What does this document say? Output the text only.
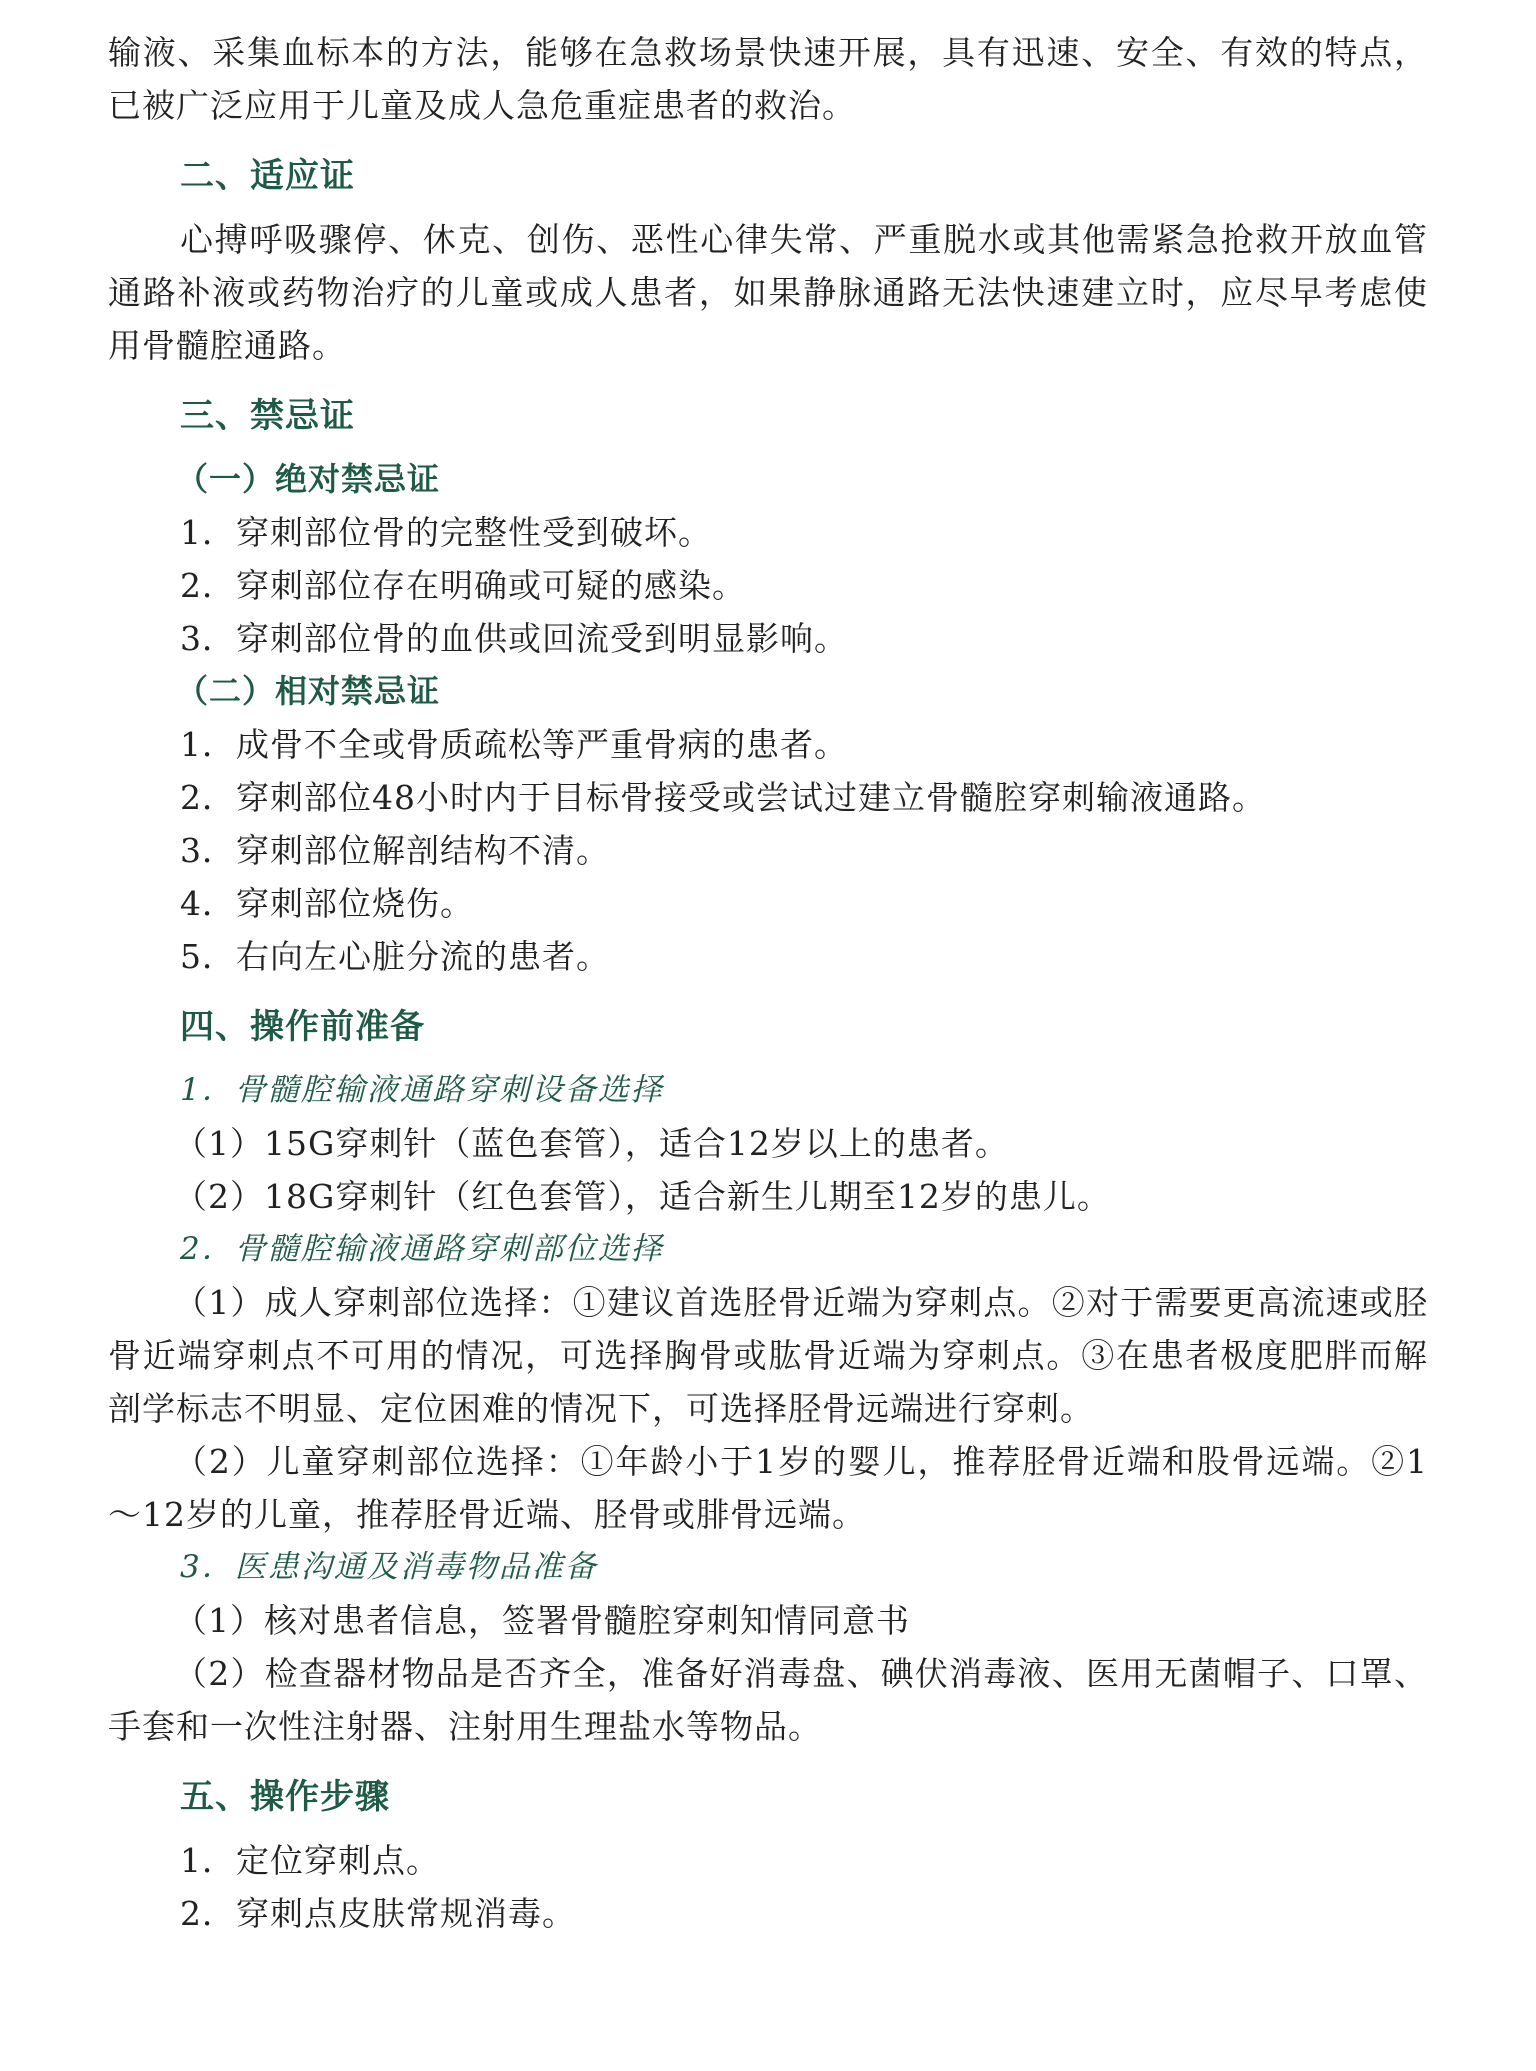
输液、采集血标本的方法，能够在急救场景快速开展，具有迅速、安全、有效的特点，已被广泛应用于儿童及成人急危重症患者的救治。

二、适应证

心搏呼吸骤停、休克、创伤、恶性心律失常、严重脱水或其他需紧急抢救开放血管通路补液或药物治疗的儿童或成人患者，如果静脉通路无法快速建立时，应尽早考虑使用骨髓腔通路。

三、禁忌证
（一）绝对禁忌证

1．穿刺部位骨的完整性受到破坏。

2．穿刺部位存在明确或可疑的感染。

3．穿刺部位骨的血供或回流受到明显影响。

（二）相对禁忌证

1．成骨不全或骨质疏松等严重骨病的患者。

2．穿刺部位48小时内于目标骨接受或尝试过建立骨髓腔穿刺输液通路。

3．穿刺部位解剖结构不清。

4．穿刺部位烧伤。

5．右向左心脏分流的患者。

四、操作前准备
1．骨髓腔输液通路穿刺设备选择

（1）15G穿刺针（蓝色套管），适合12岁以上的患者。

（2）18G穿刺针（红色套管），适合新生儿期至12岁的患儿。

2．骨髓腔输液通路穿刺部位选择

（1）成人穿刺部位选择：①建议首选胫骨近端为穿刺点。②对于需要更高流速或胫骨近端穿刺点不可用的情况，可选择胸骨或肱骨近端为穿刺点。③在患者极度肥胖而解剖学标志不明显、定位困难的情况下，可选择胫骨远端进行穿刺。

（2）儿童穿刺部位选择：①年龄小于1岁的婴儿，推荐胫骨近端和股骨远端。②1～12岁的儿童，推荐胫骨近端、胫骨或腓骨远端。

3．医患沟通及消毒物品准备

（1）核对患者信息，签署骨髓腔穿刺知情同意书

（2）检查器材物品是否齐全，准备好消毒盘、碘伏消毒液、医用无菌帽子、口罩、手套和一次性注射器、注射用生理盐水等物品。

五、操作步骤

1．定位穿刺点。

2．穿刺点皮肤常规消毒。
